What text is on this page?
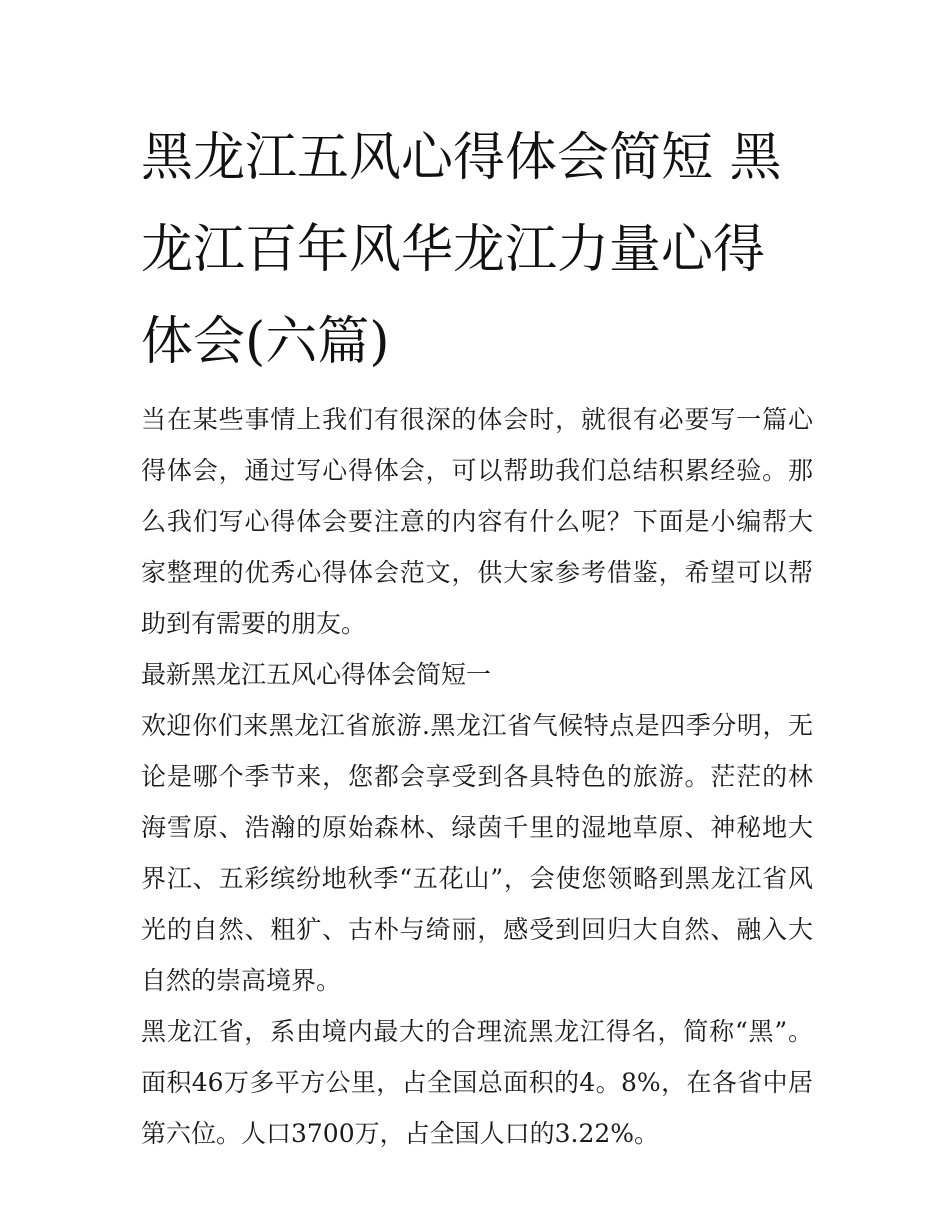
黑龙江五风心得体会简短 黑龙江百年风华龙江力量心得体会(六篇)

当在某些事情上我们有很深的体会时，就很有必要写一篇心得体会，通过写心得体会，可以帮助我们总结积累经验。那么我们写心得体会要注意的内容有什么呢？下面是小编帮大家整理的优秀心得体会范文，供大家参考借鉴，希望可以帮助到有需要的朋友。

最新黑龙江五风心得体会简短一

欢迎你们来黑龙江省旅游.黑龙江省气候特点是四季分明，无论是哪个季节来，您都会享受到各具特色的旅游。茫茫的林海雪原、浩瀚的原始森林、绿茵千里的湿地草原、神秘地大界江、五彩缤纷地秋季“五花山”，会使您领略到黑龙江省风光的自然、粗犷、古朴与绮丽，感受到回归大自然、融入大自然的崇高境界。

黑龙江省，系由境内最大的合理流黑龙江得名，简称“黑”。面积46万多平方公里，占全国总面积的4。8%，在各省中居第六位。人口3700万，占全国人口的3.22%。
